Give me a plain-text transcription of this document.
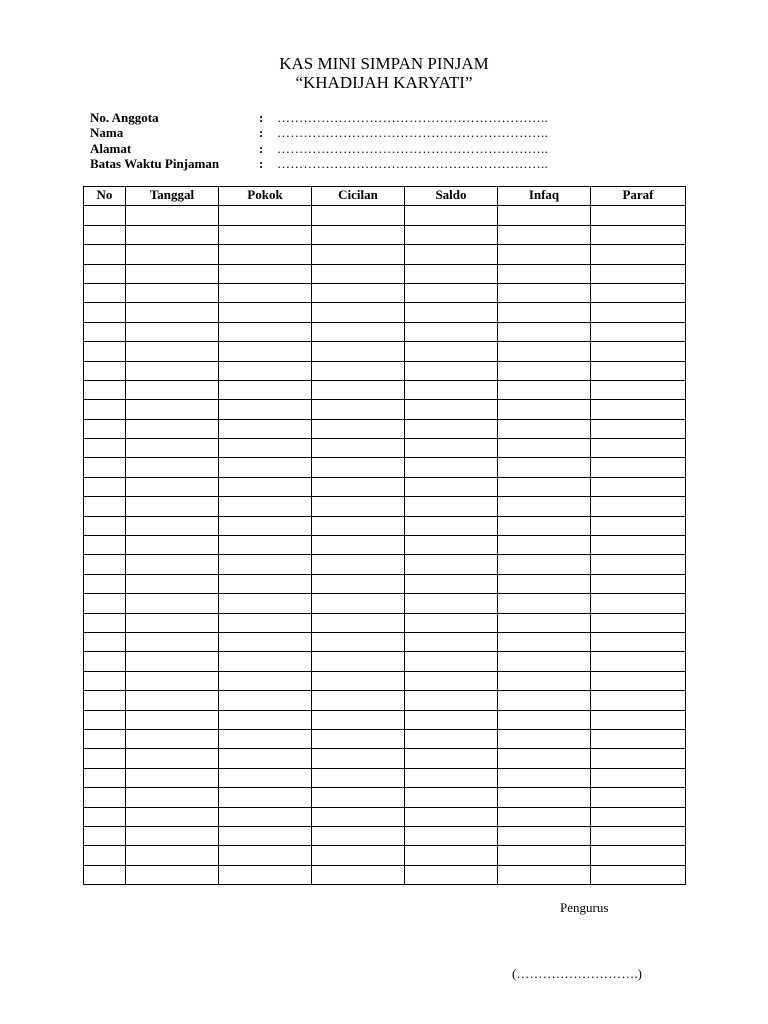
KAS MINI SIMPAN PINJAM
“KHADIJAH KARYATI”
No. Anggota	: ……………………………………………………..
Nama	: ……………………………………………………..
Alamat	: ……………………………………………………..
Batas Waktu Pinjaman	: ……………………………………………………..
No	Tanggal	Pokok	Cicilan	Saldo	Infaq	Paraf

Pengurus
(……………………….)
